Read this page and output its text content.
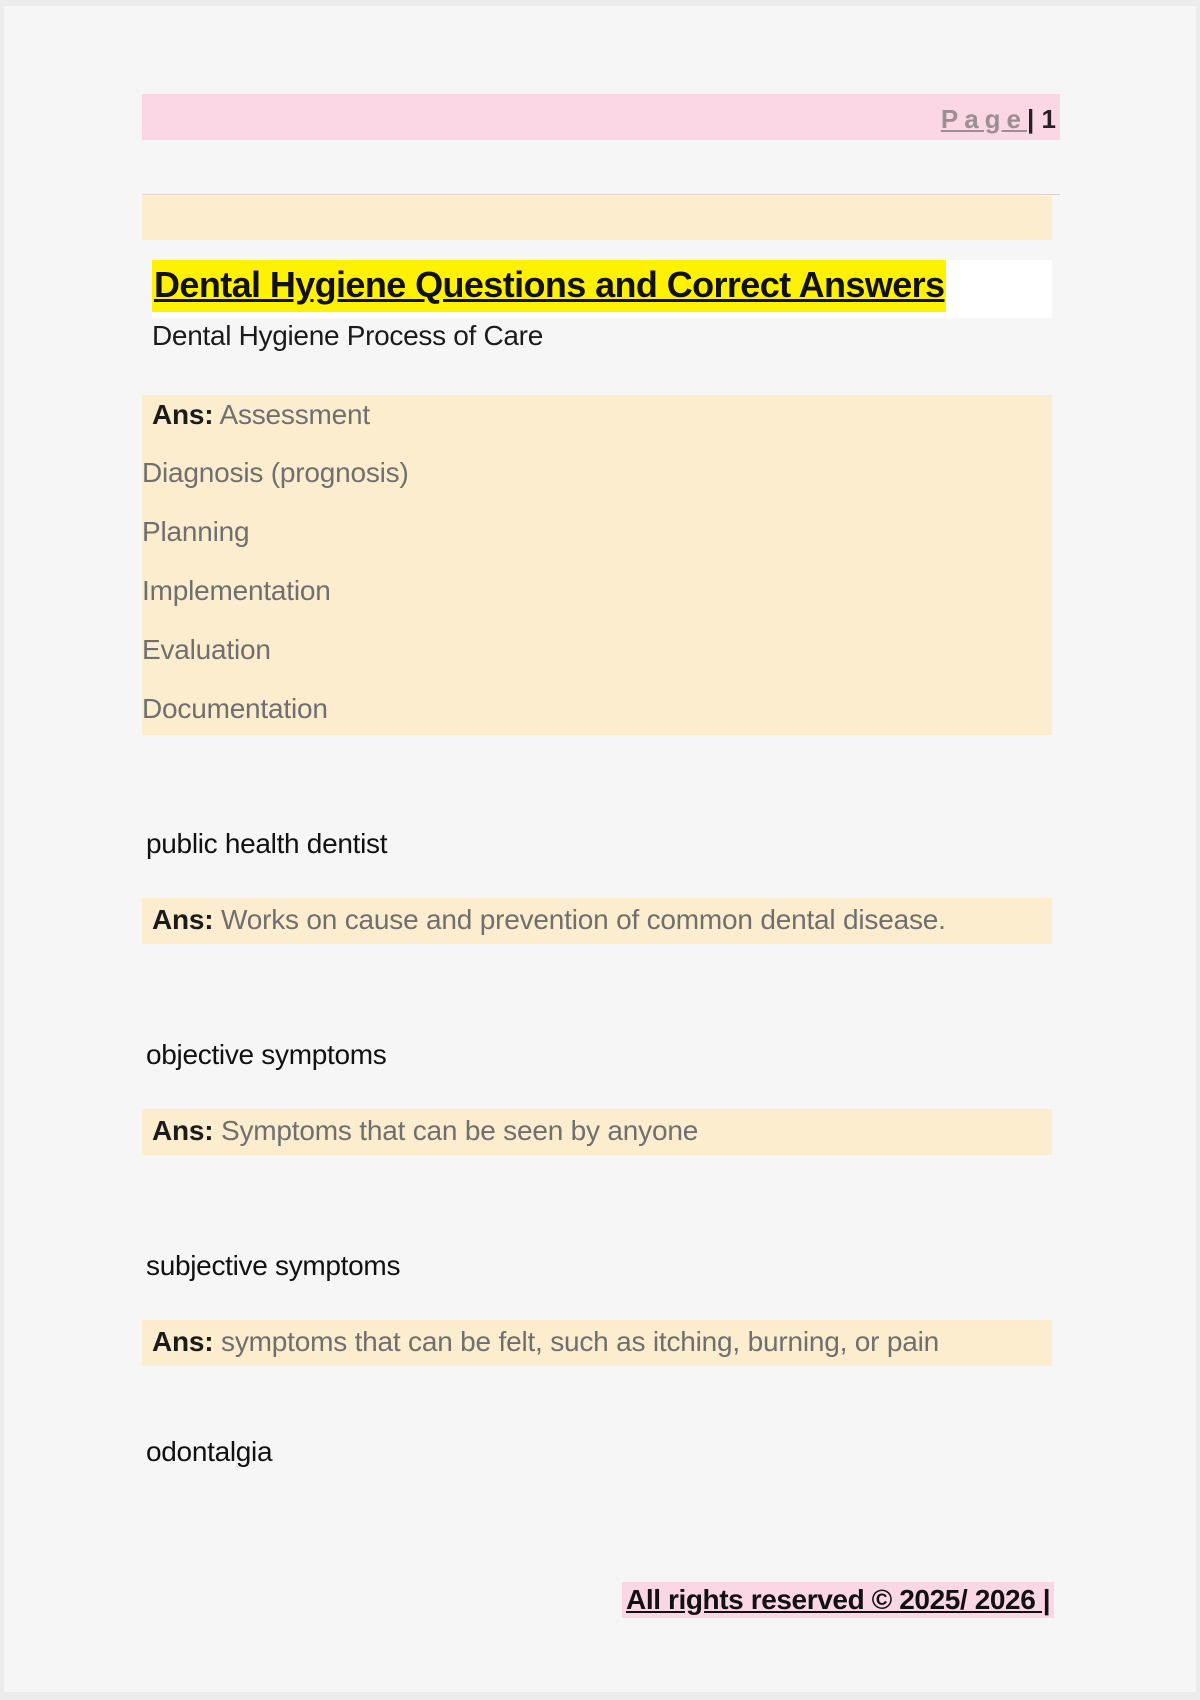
Page| 1
Dental Hygiene Questions and Correct Answers
Dental Hygiene Process of Care
Ans: Assessment
Diagnosis (prognosis)
Planning
Implementation
Evaluation
Documentation
public health dentist
Ans: Works on cause and prevention of common dental disease.
objective symptoms
Ans: Symptoms that can be seen by anyone
subjective symptoms
Ans: symptoms that can be felt, such as itching, burning, or pain
odontalgia
All rights reserved © 2025/ 2026 |
